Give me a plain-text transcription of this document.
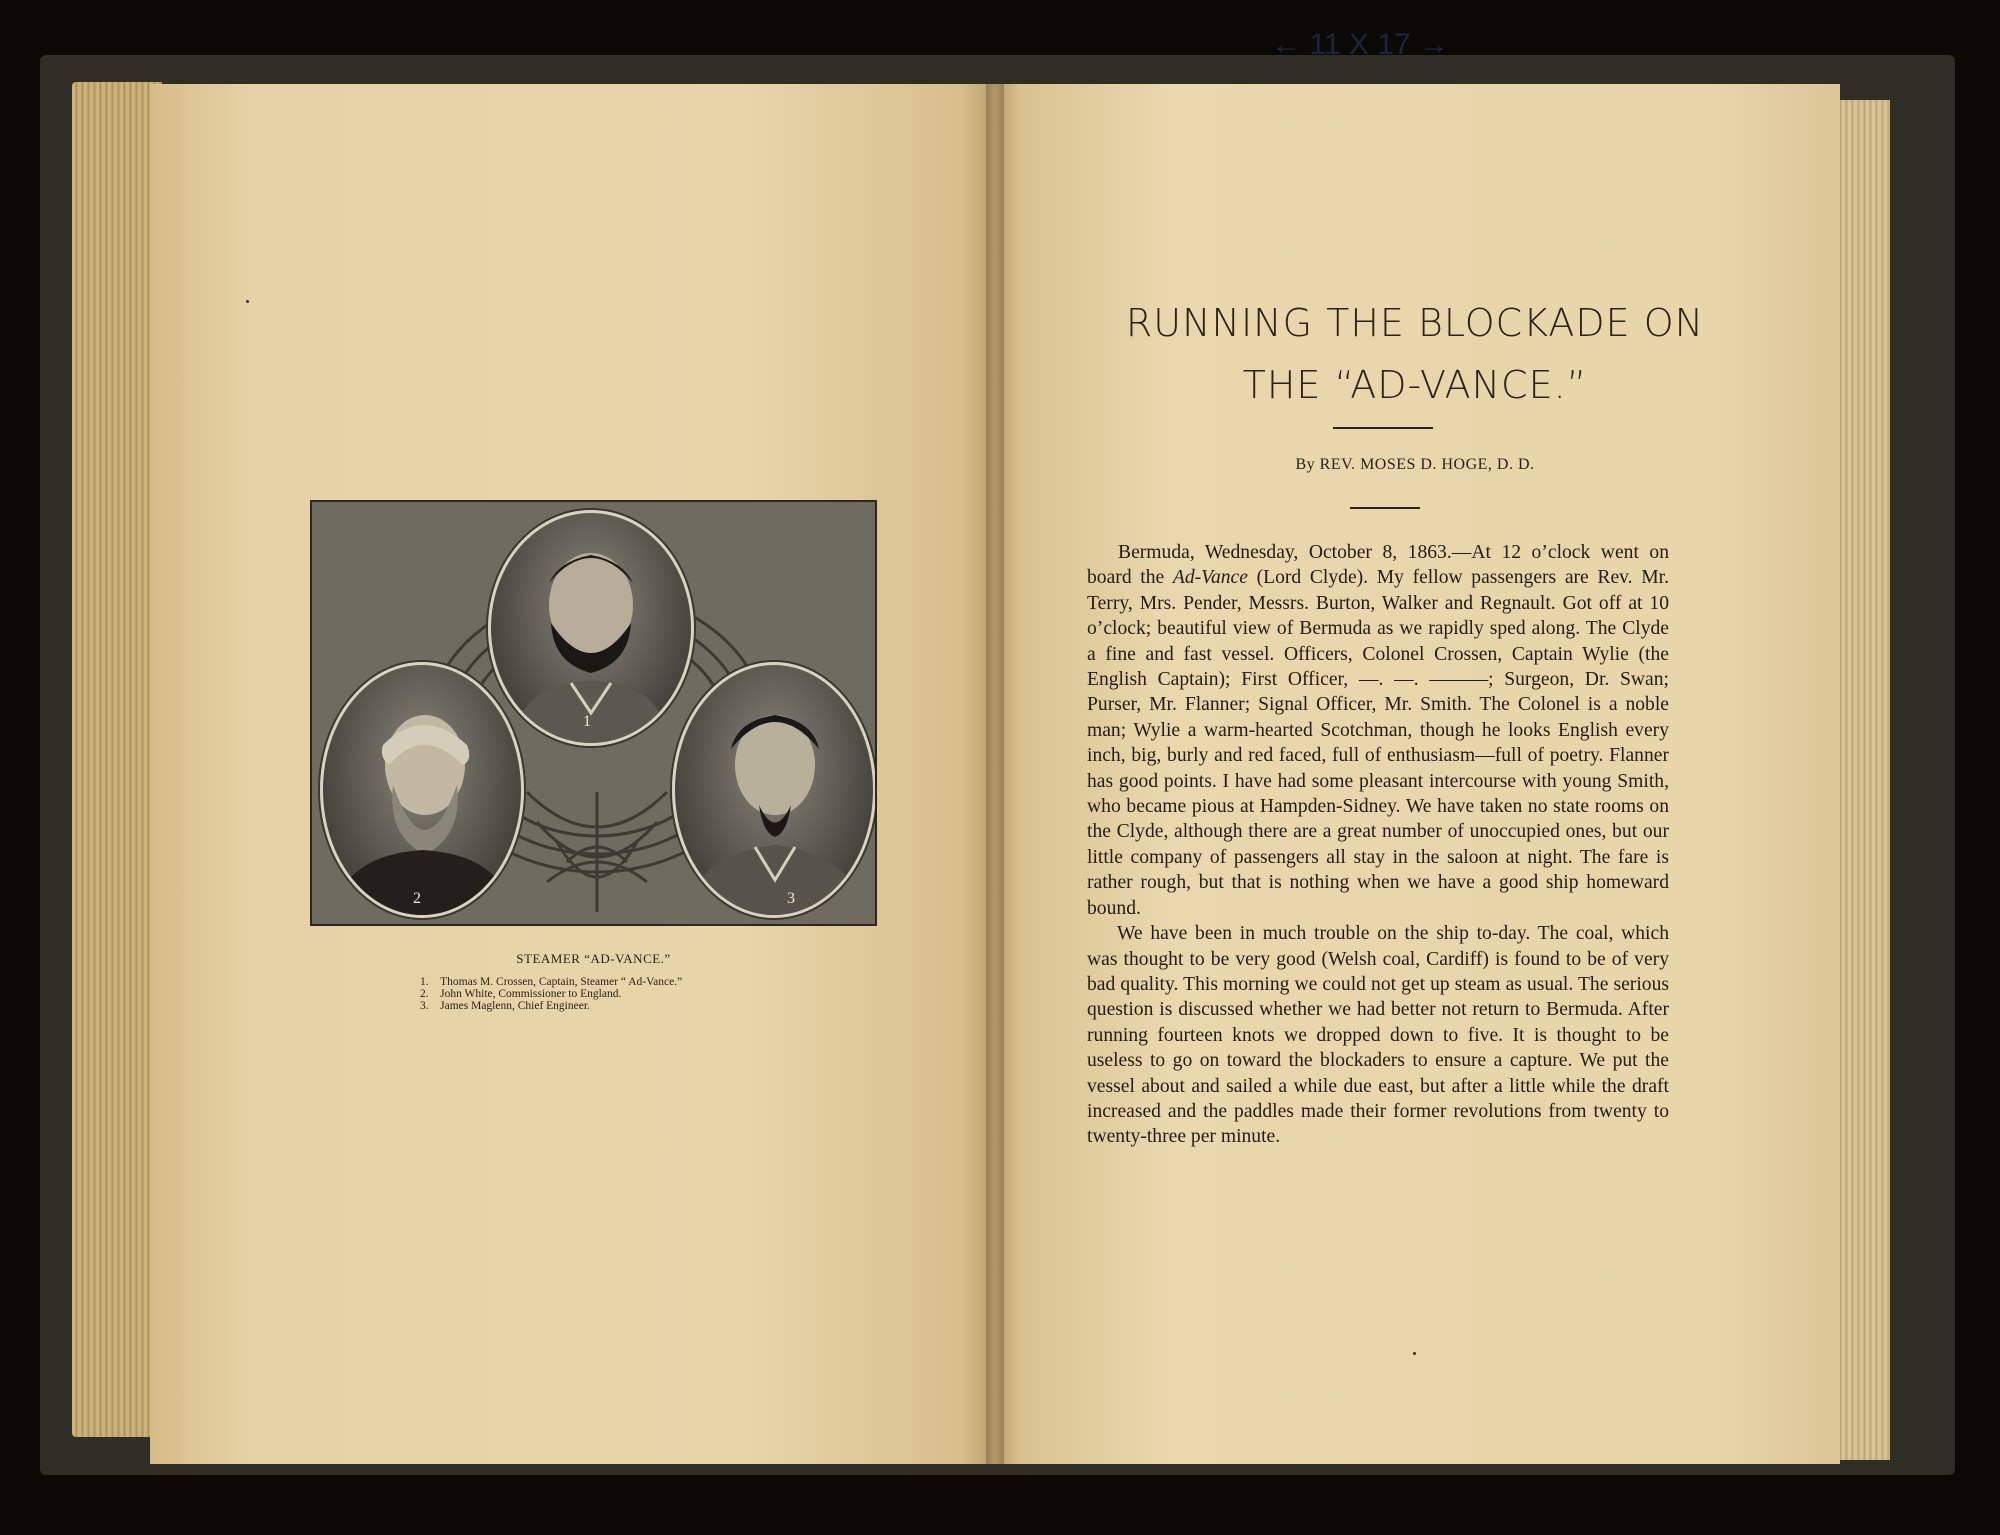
← 11 X 17 →
1
2	3
STEAMER “AD-VANCE.”
1. Thomas M. Crossen, Captain, Steamer “ Ad-Vance.”
2. John White, Commissioner to England.
3. James Maglenn, Chief Engineer.
RUNNING THE BLOCKADE ON
THE “AD-VANCE.”
By REV. MOSES D. HOGE, D. D.

Bermuda, Wednesday, October 8, 1863.—At 12 o’clock went on board the Ad-Vance (Lord Clyde). My fellow passengers are Rev. Mr. Terry, Mrs. Pender, Messrs. Burton, Walker and Regnault. Got off at 10 o’clock; beautiful view of Bermuda as we rapidly sped along. The Clyde a fine and fast vessel. Officers, Colonel Crossen, Captain Wylie (the English Captain); First Officer, —. —. ———; Surgeon, Dr. Swan; Purser, Mr. Flanner; Signal Officer, Mr. Smith. The Colonel is a noble man; Wylie a warm-hearted Scotchman, though he looks English every inch, big, burly and red faced, full of enthusiasm—full of poetry. Flanner has good points. I have had some pleasant intercourse with young Smith, who became pious at Hampden-Sidney. We have taken no state rooms on the Clyde, although there are a great number of unoccupied ones, but our little company of passengers all stay in the saloon at night. The fare is rather rough, but that is nothing when we have a good ship homeward bound.

We have been in much trouble on the ship to-day. The coal, which was thought to be very good (Welsh coal, Cardiff) is found to be of very bad quality. This morning we could not get up steam as usual. The serious question is discussed whether we had better not return to Bermuda. After running fourteen knots we dropped down to five. It is thought to be useless to go on toward the blockaders to ensure a capture. We put the vessel about and sailed a while due east, but after a little while the draft increased and the paddles made their former revolutions from twenty to twenty-three per minute.
